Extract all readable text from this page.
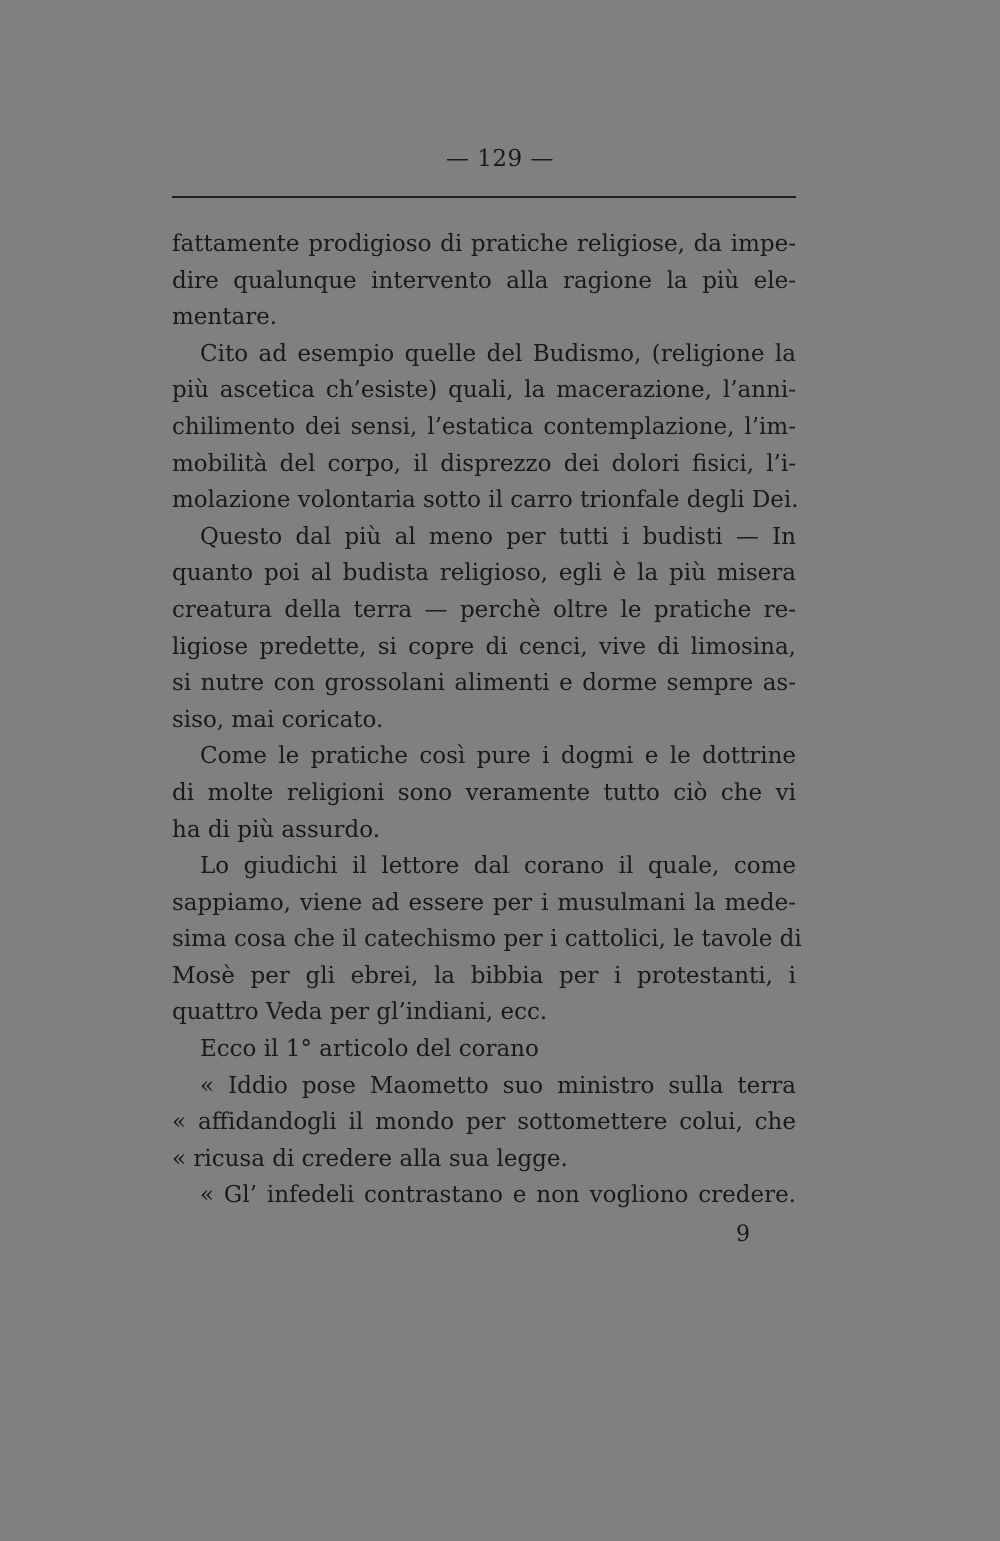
— 129 —
fattamente prodigioso di pratiche religiose, da impe-
dire qualunque intervento alla ragione la più ele-
mentare.
Cito ad esempio quelle del Budismo, (religione la
più ascetica ch’esiste) quali, la macerazione, l’anni-
chilimento dei sensi, l’estatica contemplazione, l’im-
mobilità del corpo, il disprezzo dei dolori fisici, l’i-
molazione volontaria sotto il carro trionfale degli Dei.
Questo dal più al meno per tutti i budisti — In
quanto poi al budista religioso, egli è la più misera
creatura della terra — perchè oltre le pratiche re-
ligiose predette, si copre di cenci, vive di limosina,
si nutre con grossolani alimenti e dorme sempre as-
siso, mai coricato.
Come le pratiche così pure i dogmi e le dottrine
di molte religioni sono veramente tutto ciò che vi
ha di più assurdo.
Lo giudichi il lettore dal corano il quale, come
sappiamo, viene ad essere per i musulmani la mede-
sima cosa che il catechismo per i cattolici, le tavole di
Mosè per gli ebrei, la bibbia per i protestanti, i
quattro Veda per gl’indiani, ecc.
Ecco il 1° articolo del corano
« Iddio pose Maometto suo ministro sulla terra
« affidandogli il mondo per sottomettere colui, che
« ricusa di credere alla sua legge.
« Gl’ infedeli contrastano e non vogliono credere.
9
